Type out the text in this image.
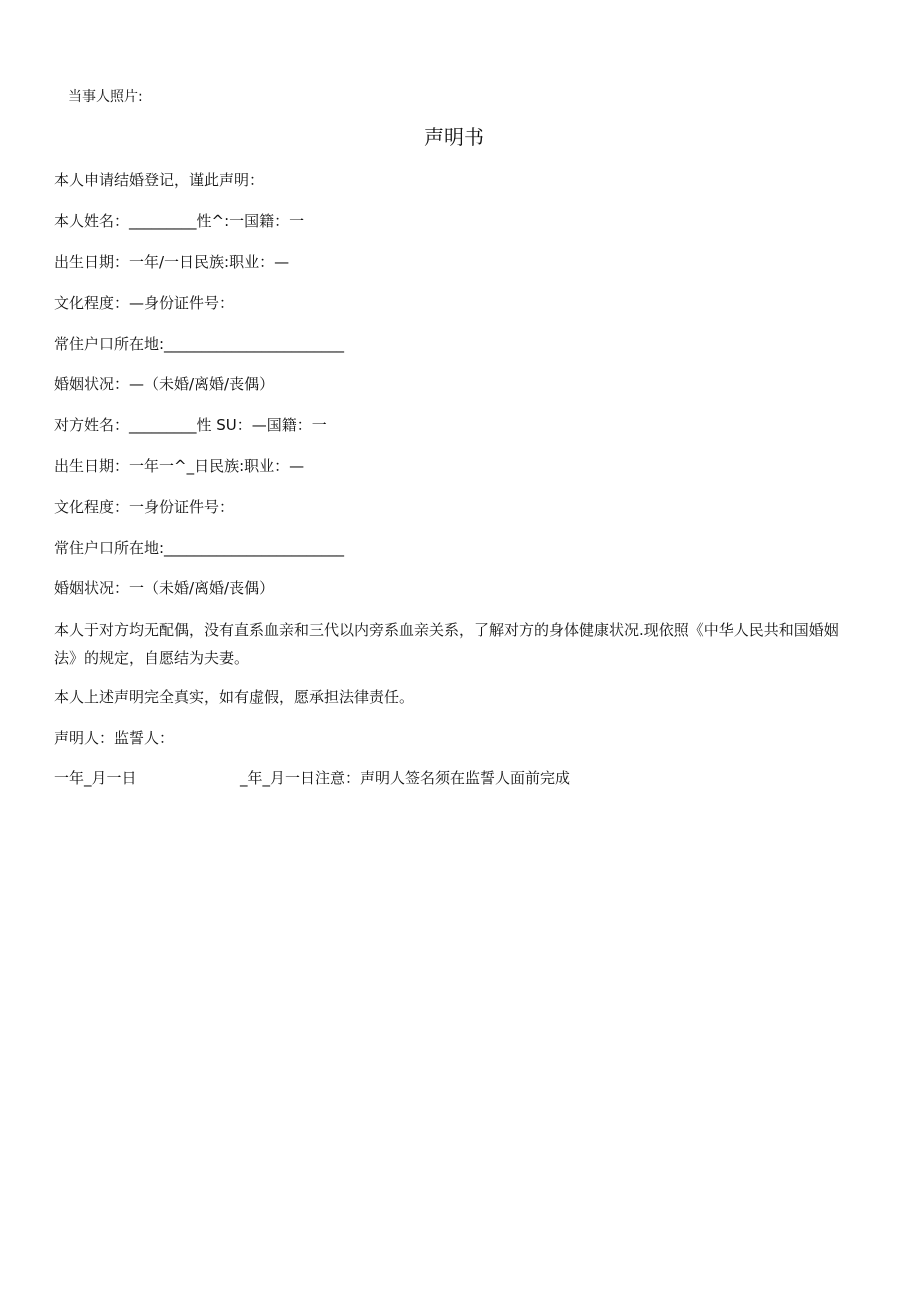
当事人照片:
声明书
本人申请结婚登记，谨此声明：
本人姓名：_________性^:一国籍：一
出生日期：一年/一日民族:职业：—
文化程度：—身份证件号：
常住户口所在地:________________________
婚姻状况：—（未婚/离婚/丧偶）
对方姓名：_________性 SU：—国籍：一
出生日期：一年一^_日民族:职业：—
文化程度：一身份证件号：
常住户口所在地:________________________
婚姻状况：一（未婚/离婚/丧偶）
本人于对方均无配偶，没有直系血亲和三代以内旁系血亲关系，了解对方的身体健康状况.现依照《中华人民共和国婚姻法》的规定，自愿结为夫妻。
本人上述声明完全真实，如有虚假，愿承担法律责任。
声明人：监誓人：
一年_月一日	_年_月一日注意：声明人签名须在监誓人面前完成
